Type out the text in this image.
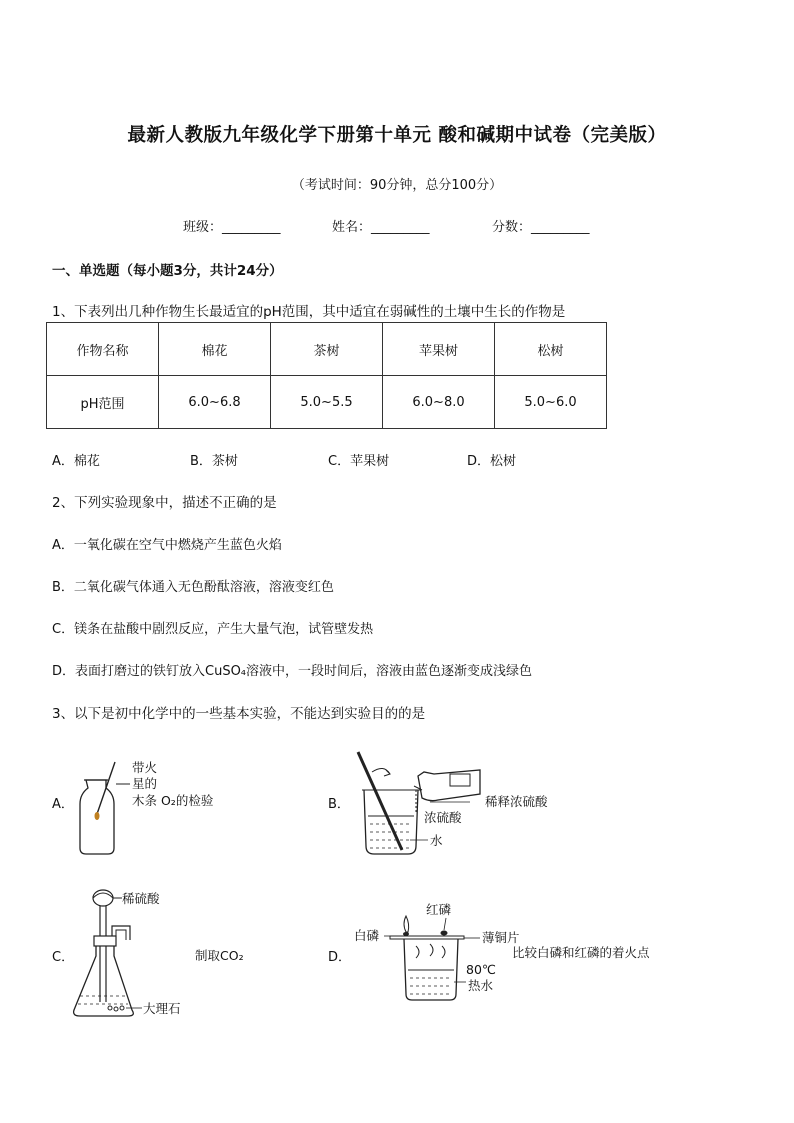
最新人教版九年级化学下册第十单元 酸和碱期中试卷（完美版）
（考试时间：90分钟，总分100分）
班级：_________	姓名：_________	分数：_________
一、单选题（每小题3分，共计24分）
1、下表列出几种作物生长最适宜的pH范围，其中适宜在弱碱性的土壤中生长的作物是
作物名称	棉花	茶树	苹果树	松树
pH范围	6.0~6.8	5.0~5.5	6.0~8.0	5.0~6.0
A．棉花	B．茶树	C．苹果树	D．松树
2、下列实验现象中，描述不正确的是
A．一氧化碳在空气中燃烧产生蓝色火焰
B．二氧化碳气体通入无色酚酞溶液，溶液变红色
C．镁条在盐酸中剧烈反应，产生大量气泡，试管壁发热
D．表面打磨过的铁钉放入CuSO₄溶液中，一段时间后，溶液由蓝色逐渐变成浅绿色
3、以下是初中化学中的一些基本实验，不能达到实验目的的是
A．
带火
星的
木条 O₂的检验	B．	稀释浓硫酸
浓硫酸
水
C．
稀硫酸
大理石
制取CO₂	D．
红磷
白磷	薄铜片
80℃
热水
比较白磷和红磷的着火点
